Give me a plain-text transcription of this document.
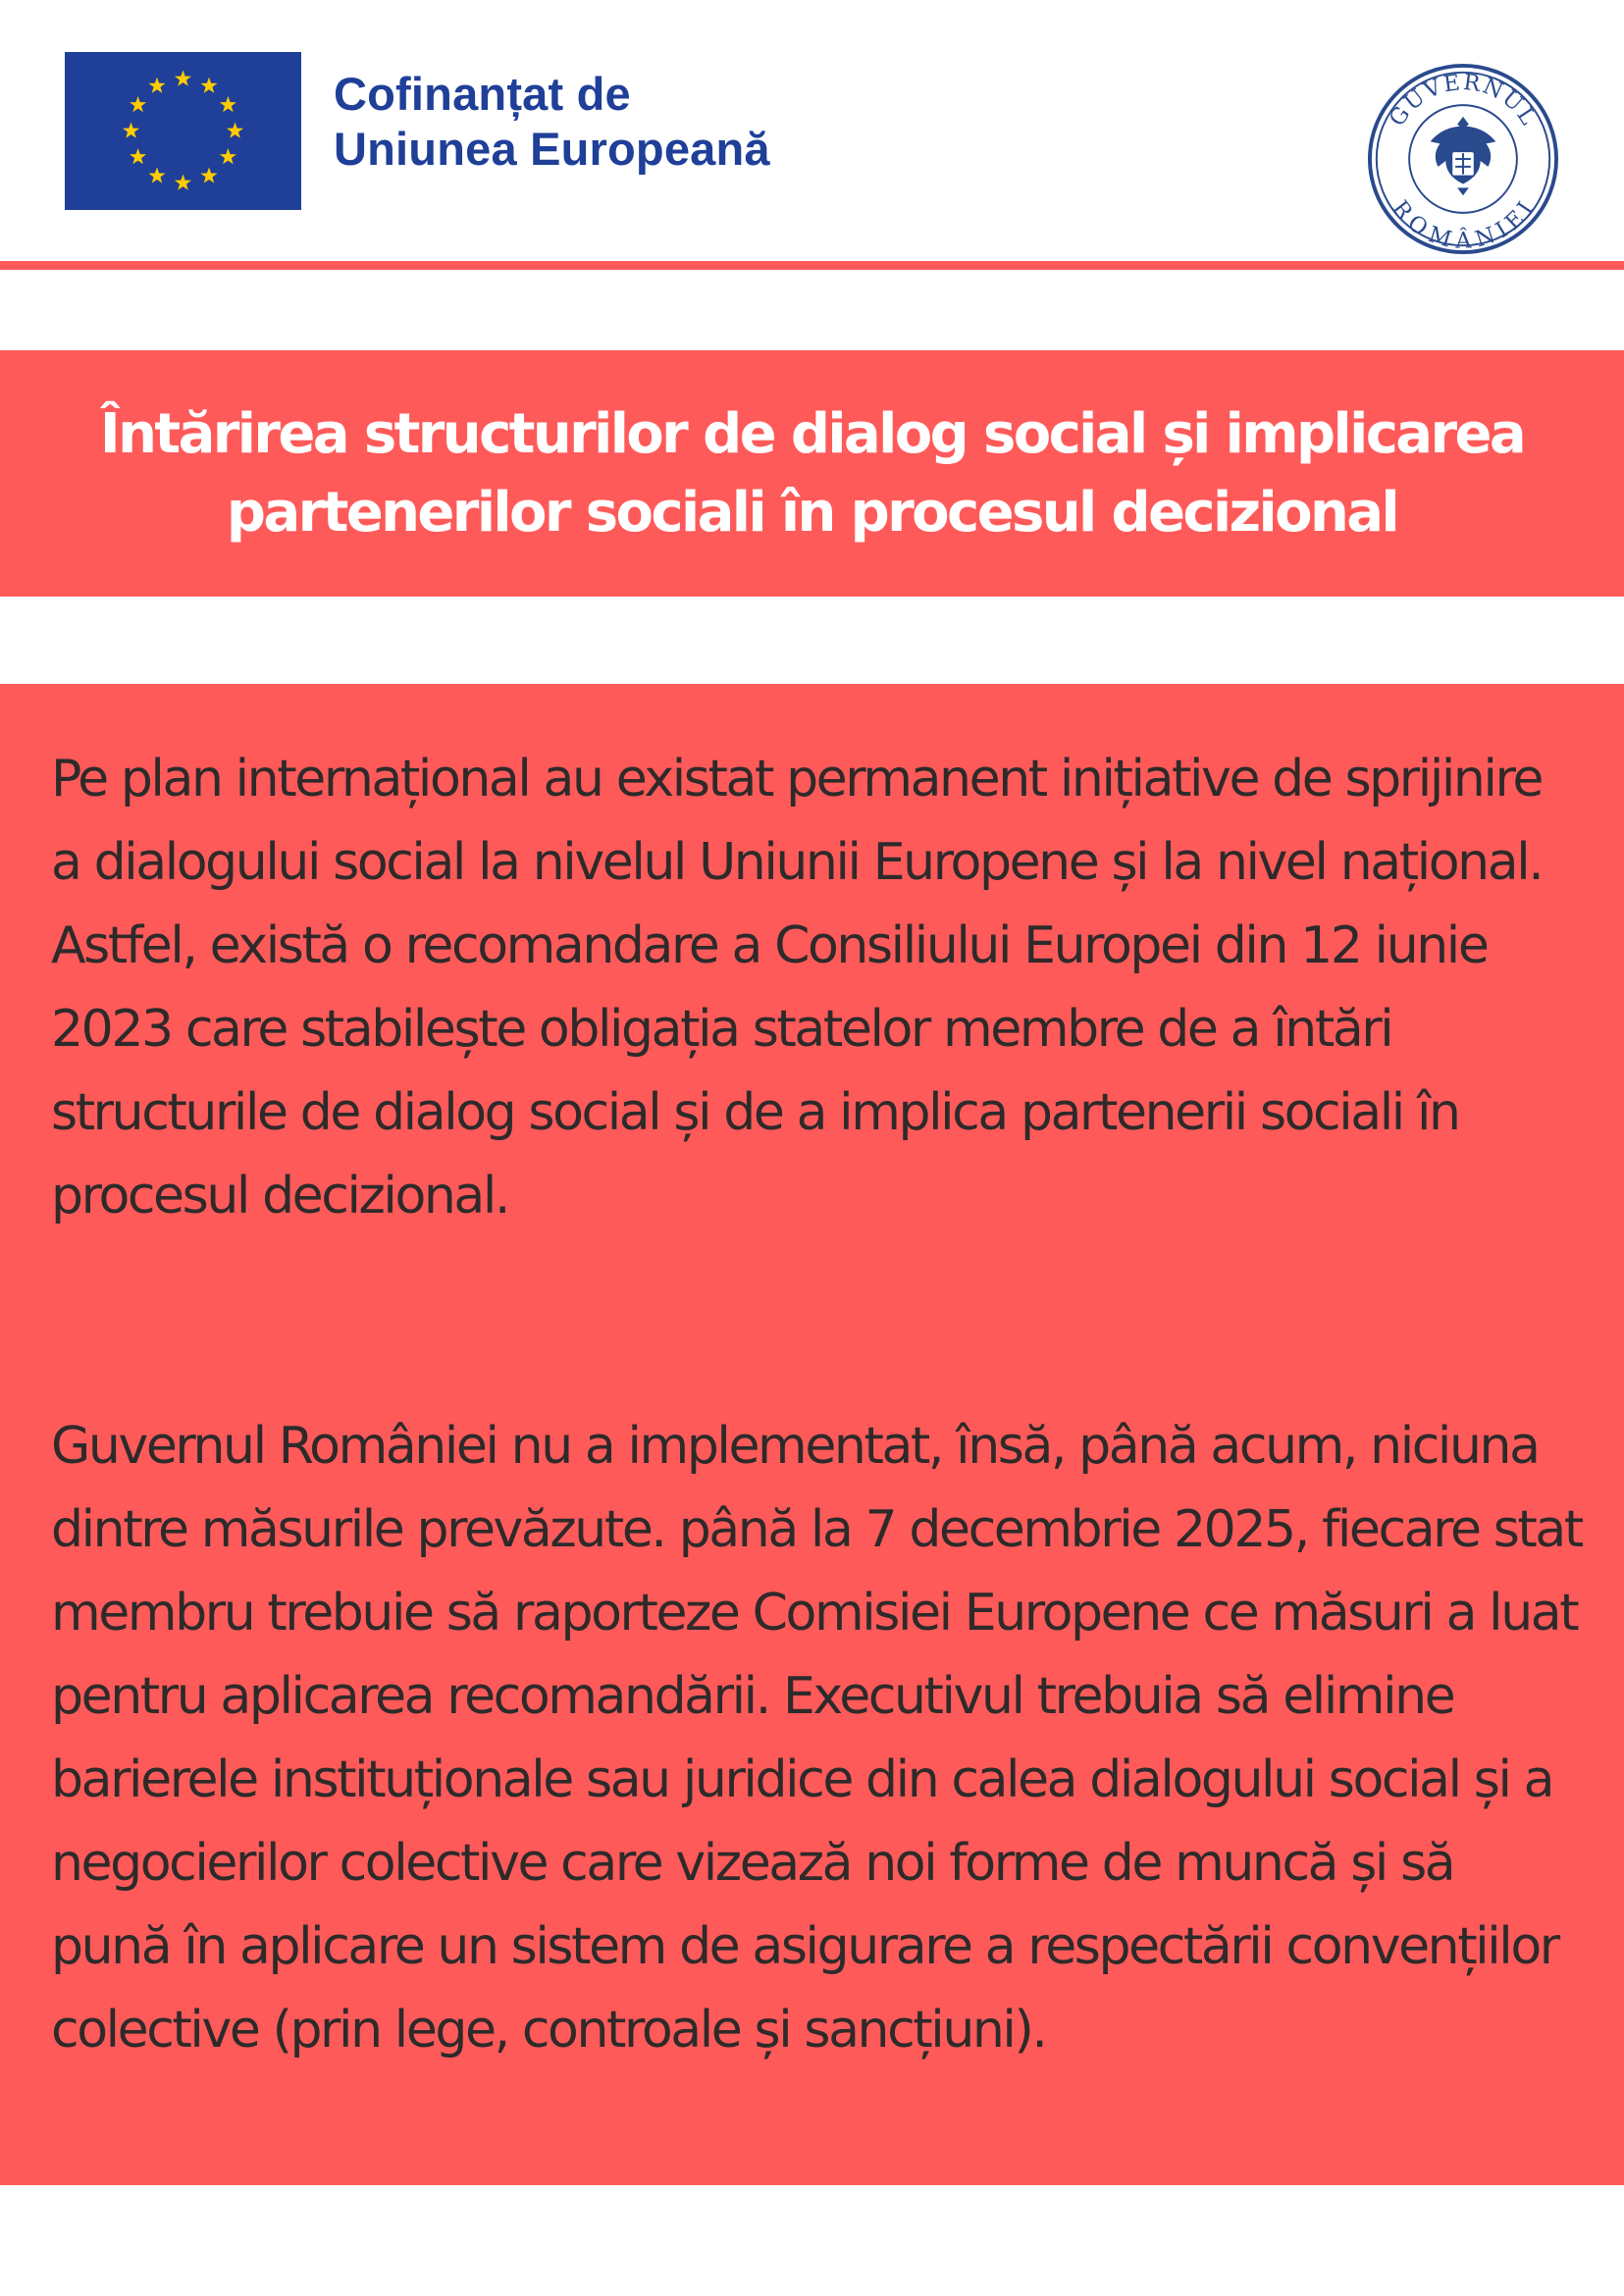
Cofinanțat de
Uniunea Europeană
GUVERNUL
ROMÂNIEI
Întărirea structurilor de dialog social și implicarea partenerilor sociali în procesul decizional

Pe plan internațional au existat permanent inițiative de sprijinire a dialogului social la nivelul Uniunii Europene și la nivel național.
Astfel, există o recomandare a Consiliului Europei din 12 iunie 2023 care stabilește obligația statelor membre de a întări structurile de dialog social și de a implica partenerii sociali în procesul decizional.

Guvernul României nu a implementat, însă, până acum, niciuna dintre măsurile prevăzute. până la 7 decembrie 2025, fiecare stat membru trebuie să raporteze Comisiei Europene ce măsuri a luat pentru aplicarea recomandării. Executivul trebuia să elimine barierele instituționale sau juridice din calea dialogului social și a negocierilor colective care vizează noi forme de muncă și să pună în aplicare un sistem de asigurare a respectării convențiilor colective (prin lege, controale și sancțiuni).
